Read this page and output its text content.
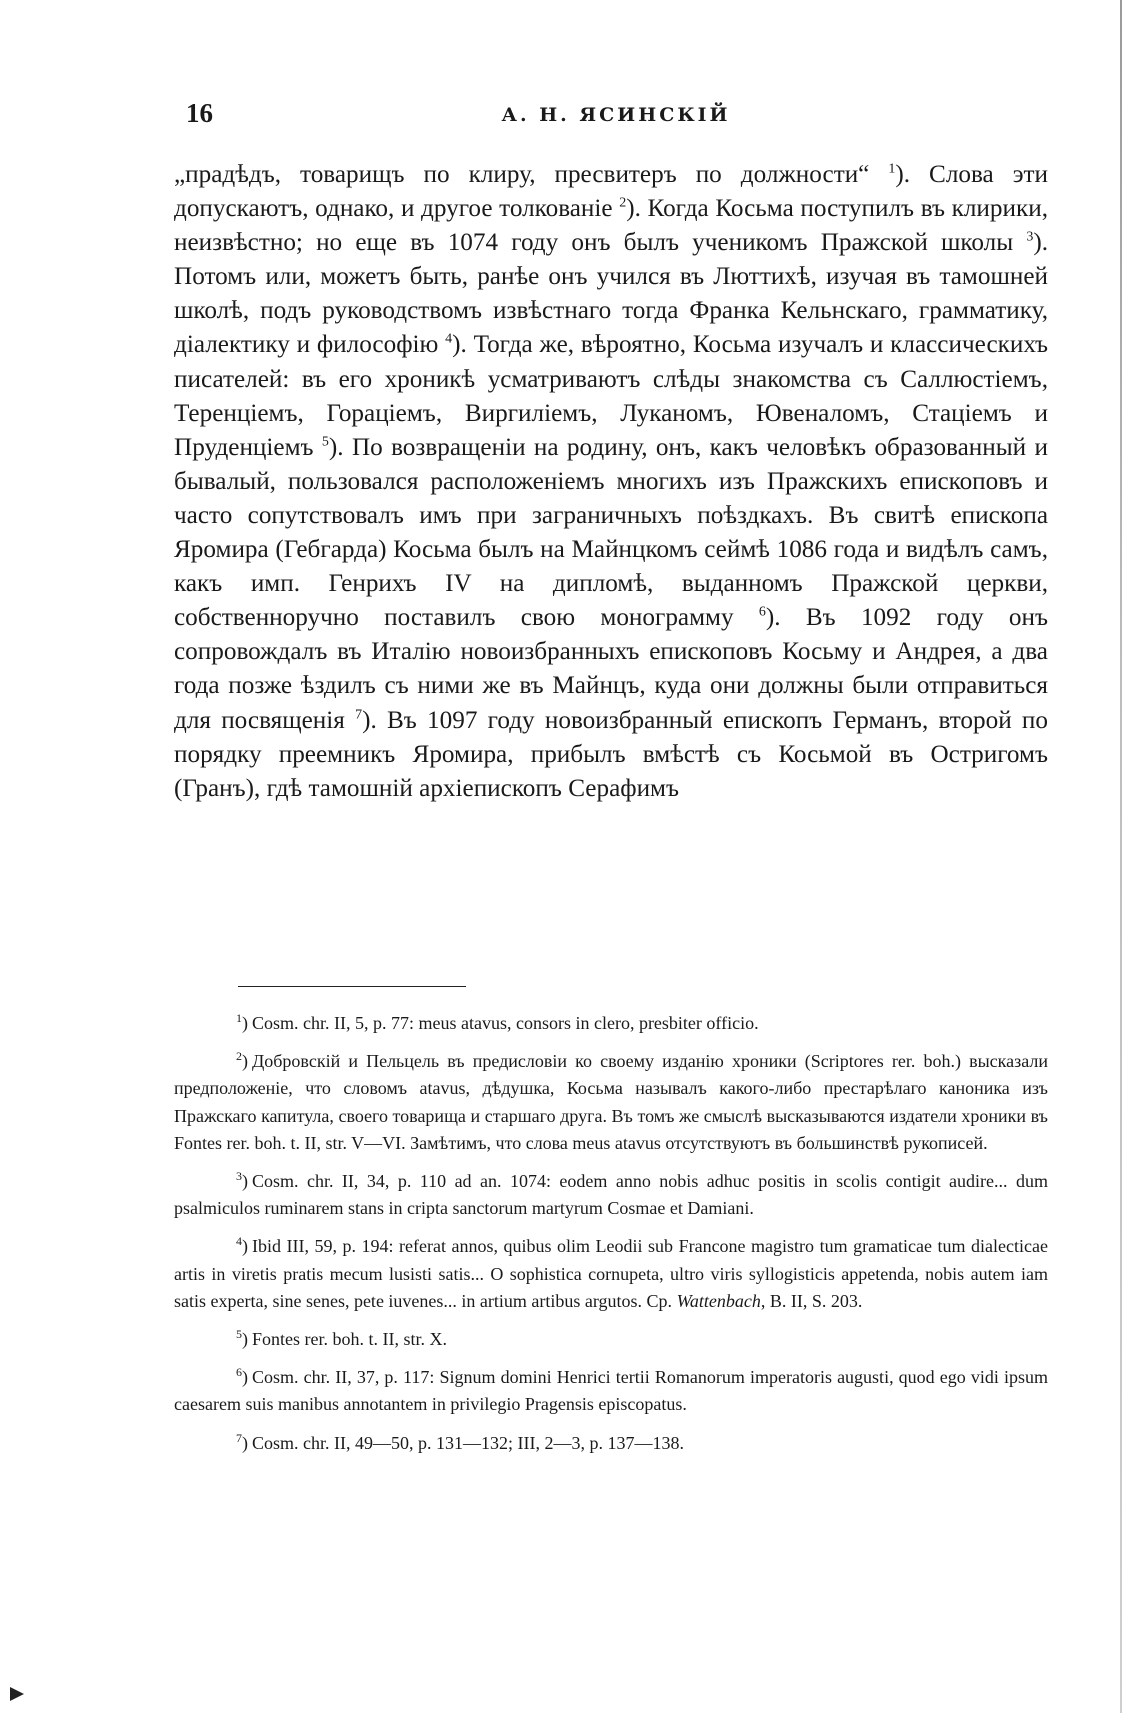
16	А. Н. ЯСИНСКІЙ

„прадѣдъ, товарищъ по клиру, пресвитеръ по должности“ $^1$). Слова эти допускаютъ, однако, и другое толкованіе $^2$). Когда Косьма поступилъ въ клирики, неизвѣстно; но еще въ 1074 году онъ былъ ученикомъ Пражской школы $^3$). Потомъ или, можетъ быть, ранѣе онъ учился въ Люттихѣ, изучая въ тамошней школѣ, подъ руководствомъ извѣстнаго тогда Франка Кельнскаго, грамматику, діалектику и философію $^4$). Тогда же, вѣроятно, Косьма изучалъ и классическихъ писателей: въ его хроникѣ усматриваютъ слѣды знакомства съ Саллюстіемъ, Теренціемъ, Гораціемъ, Виргиліемъ, Луканомъ, Ювеналомъ, Стаціемъ и Пруденціемъ $^5$). По возвращеніи на родину, онъ, какъ человѣкъ образованный и бывалый, пользовался расположеніемъ многихъ изъ Пражскихъ епископовъ и часто сопутствовалъ имъ при заграничныхъ поѣздкахъ. Въ свитѣ епископа Яромира (Гебгарда) Косьма былъ на Майнцкомъ сеймѣ 1086 года и видѣлъ самъ, какъ имп. Генрихъ IV на дипломѣ, выданномъ Пражской церкви, собственноручно поставилъ свою монограмму $^6$). Въ 1092 году онъ сопровождалъ въ Италію новоизбранныхъ епископовъ Косьму и Андрея, а два года позже ѣздилъ съ ними же въ Майнцъ, куда они должны были отправиться для посвященія $^7$). Въ 1097 году новоизбранный епископъ Германъ, второй по порядку преемникъ Яромира, прибылъ вмѣстѣ съ Косьмой въ Остригомъ (Гранъ), гдѣ тамошній архіепископъ Серафимъ

$^1$) Cosm. chr. II, 5, p. 77: meus atavus, consors in clero, presbiter officio.

$^2$) Добровскій и Пельцель въ предисловіи ко своему изданію хроники (Scriptores rer. boh.) высказали предположеніе, что словомъ atavus, дѣдушка, Косьма называлъ какого-либо престарѣлаго каноника изъ Пражскаго капитула, своего товарища и старшаго друга. Въ томъ же смыслѣ высказываются издатели хроники въ Fontes rer. boh. t. II, str. V—VI. Замѣтимъ, что слова meus atavus отсутствуютъ въ большинствѣ рукописей.

$^3$) Cosm. chr. II, 34, p. 110 ad an. 1074: eodem anno nobis adhuc positis in scolis contigit audire... dum psalmiculos ruminarem stans in cripta sanctorum martyrum Cosmae et Damiani.

$^4$) Ibid III, 59, p. 194: referat annos, quibus olim Leodii sub Francone magistro tum gramaticae tum dialecticae artis in viretis pratis mecum lusisti satis... O sophistica cornupeta, ultro viris syllogisticis appetenda, nobis autem iam satis experta, sine senes, pete iuvenes... in artium artibus argutos. Cp. Wattenbach, B. II, S. 203.

$^5$) Fontes rer. boh. t. II, str. X.

$^6$) Cosm. chr. II, 37, p. 117: Signum domini Henrici tertii Romanorum imperatoris augusti, quod ego vidi ipsum caesarem suis manibus annotantem in privilegio Pragensis episcopatus.

$^7$) Cosm. chr. II, 49—50, p. 131—132; III, 2—3, p. 137—138.
